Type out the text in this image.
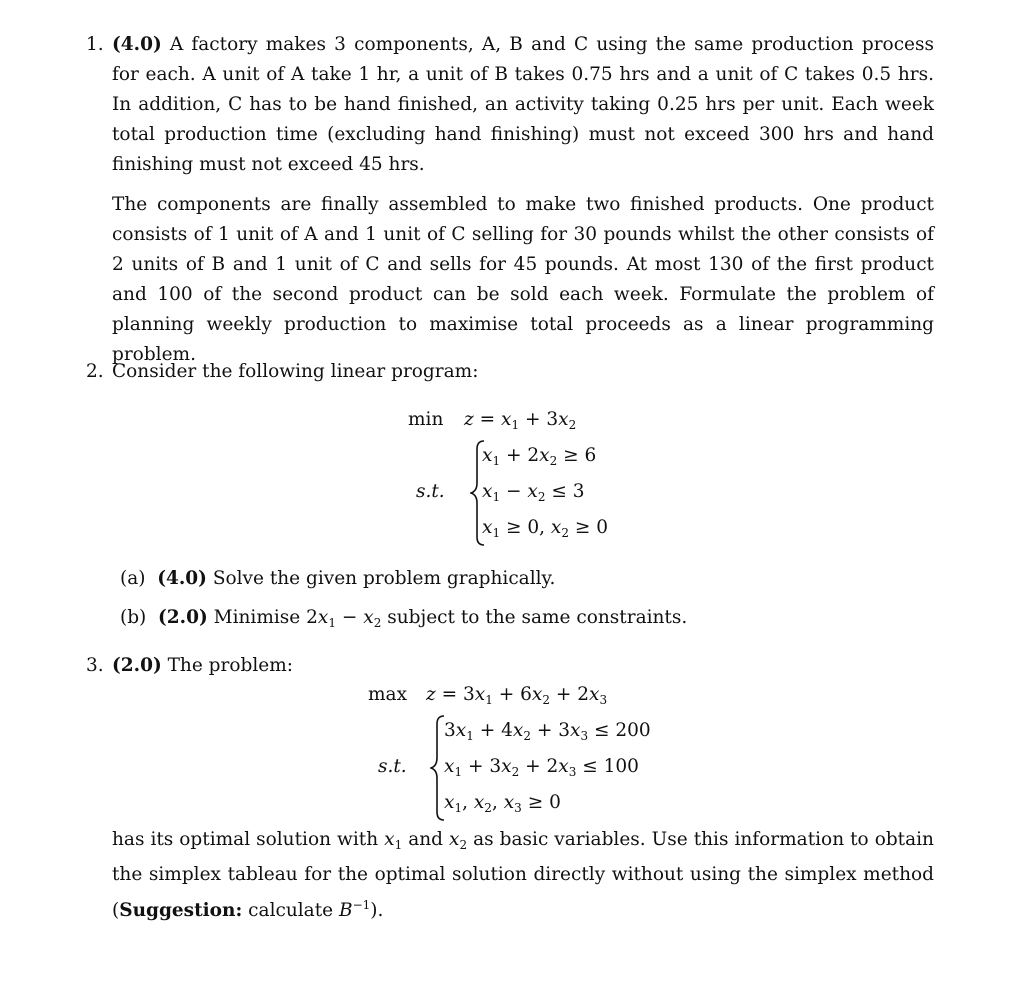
1. (4.0) A factory makes 3 components, A, B and C using the same production process for each. A unit of A take 1 hr, a unit of B takes 0.75 hrs and a unit of C takes 0.5 hrs. In addition, C has to be hand finished, an activity taking 0.25 hrs per unit. Each week total production time (excluding hand finishing) must not exceed 300 hrs and hand finishing must not exceed 45 hrs.

The components are finally assembled to make two finished products. One product consists of 1 unit of A and 1 unit of C selling for 30 pounds whilst the other consists of 2 units of B and 1 unit of C and sells for 45 pounds. At most 130 of the first product and 100 of the second product can be sold each week. Formulate the problem of planning weekly production to maximise total proceeds as a linear programming problem.

2. Consider the following linear program:

$\min z = x_1 + 3x_2$
s.t.
$x_1 + 2x_2 \ge 6$
$x_1 - x_2 \le 3$
$x_1 \ge 0$, $x_2 \ge 0$
(a) (4.0) Solve the given problem graphically.
(b) (2.0) Minimise $2x_1 - x_2$ subject to the same constraints.
3. (2.0) The problem:

$\max z = 3x_1 + 6x_2 + 2x_3$
s.t.
$3x_1 + 4x_2 + 3x_3 \le 200$
$x_1 + 3x_2 + 2x_3 \le 100$
$x_1$, $x_2$, $x_3 \ge 0$

has its optimal solution with $x_1$ and $x_2$ as basic variables. Use this information to obtain the simplex tableau for the optimal solution directly without using the simplex method (Suggestion: calculate $B^{-1}$).
